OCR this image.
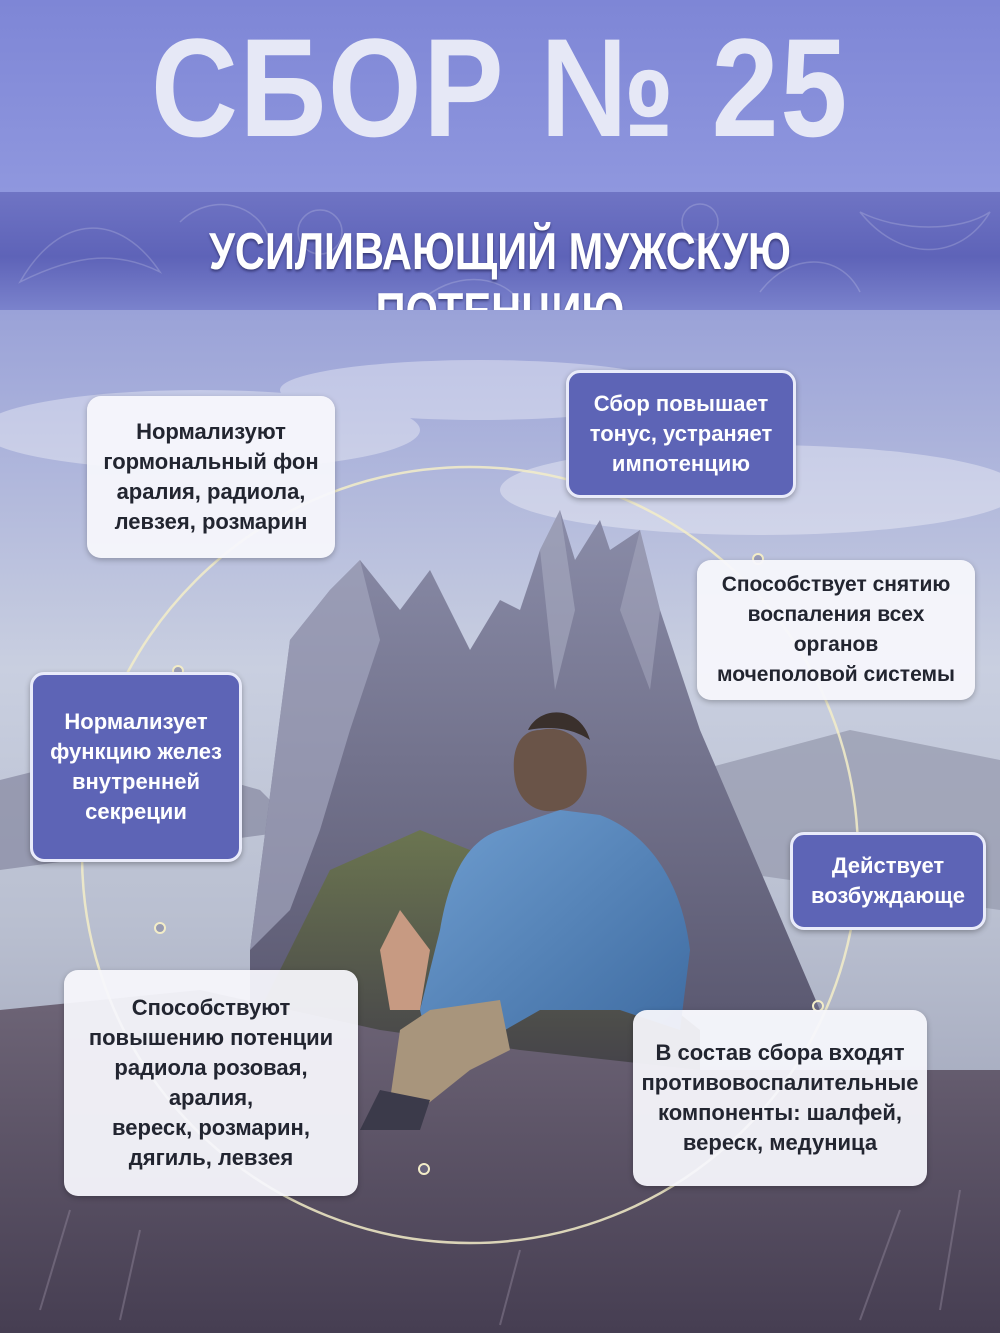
СБОР № 25
УСИЛИВАЮЩИЙ МУЖСКУЮ
Нормализуют
гормональный фон
аралия, радиола,
левзея, розмарин
Сбор повышает
тонус, устраняет
импотенцию
Нормализует
функцию желез
внутренней
секреции
Способствует снятию
воспаления всех органов
мочеполовой системы
Действует
возбуждающе
Способствуют
повышению потенции
радиола розовая, аралия,
вереск, розмарин,
дягиль, левзея
В состав сбора входят
противовоспалительные
компоненты: шалфей,
вереск, медуница
